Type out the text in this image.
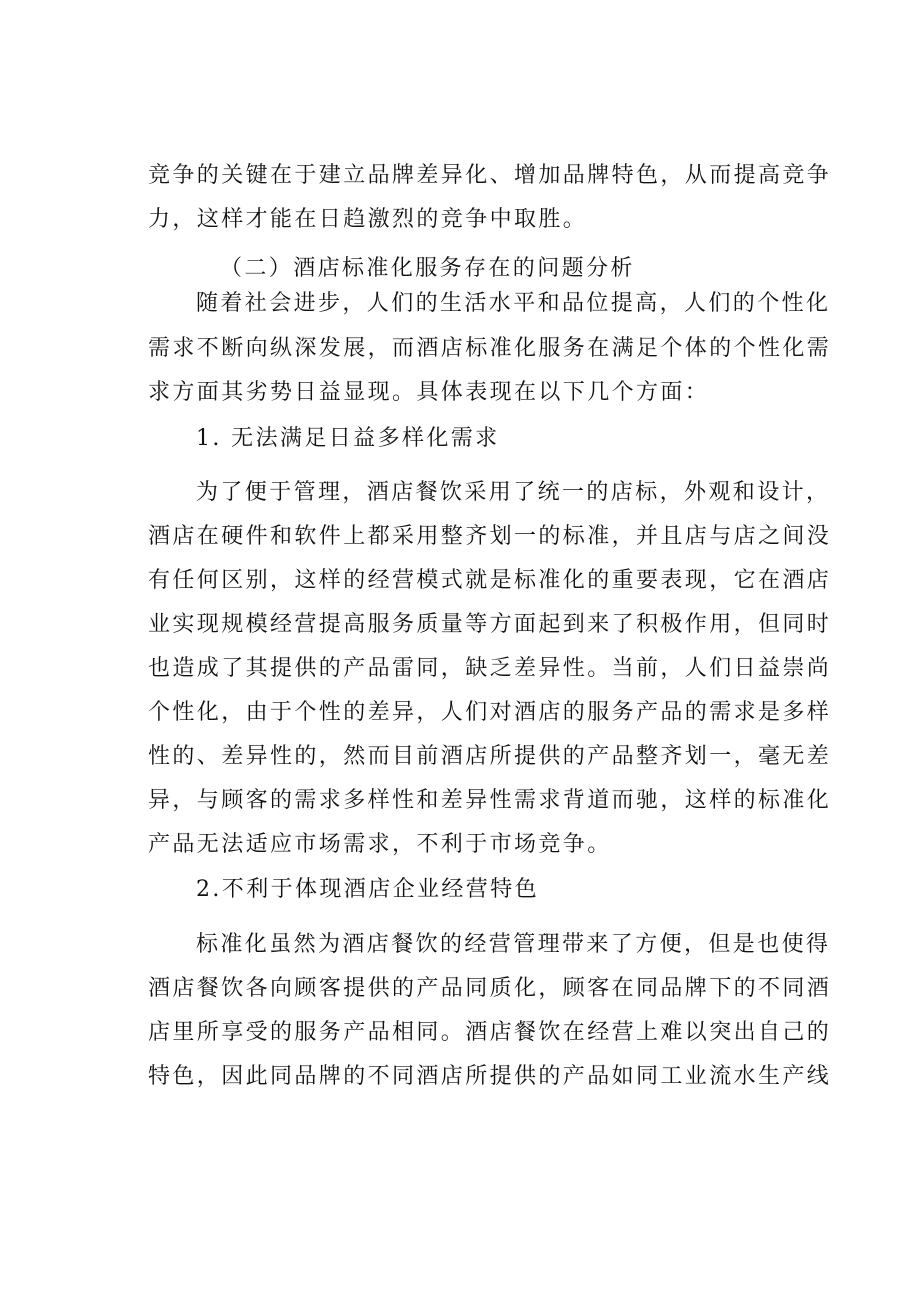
竞争的关键在于建立品牌差异化、增加品牌特色，从而提高竞争
力，这样才能在日趋激烈的竞争中取胜。
（二）酒店标准化服务存在的问题分析
随着社会进步，人们的生活水平和品位提高，人们的个性化
需求不断向纵深发展，而酒店标准化服务在满足个体的个性化需
求方面其劣势日益显现。具体表现在以下几个方面：
1. 无法满足日益多样化需求
为了便于管理，酒店餐饮采用了统一的店标，外观和设计，
酒店在硬件和软件上都采用整齐划一的标准，并且店与店之间没
有任何区别，这样的经营模式就是标准化的重要表现，它在酒店
业实现规模经营提高服务质量等方面起到来了积极作用，但同时
也造成了其提供的产品雷同，缺乏差异性。当前，人们日益崇尚
个性化，由于个性的差异，人们对酒店的服务产品的需求是多样
性的、差异性的，然而目前酒店所提供的产品整齐划一，毫无差
异，与顾客的需求多样性和差异性需求背道而驰，这样的标准化
产品无法适应市场需求，不利于市场竞争。
2.不利于体现酒店企业经营特色
标准化虽然为酒店餐饮的经营管理带来了方便，但是也使得
酒店餐饮各向顾客提供的产品同质化，顾客在同品牌下的不同酒
店里所享受的服务产品相同。酒店餐饮在经营上难以突出自己的
特色，因此同品牌的不同酒店所提供的产品如同工业流水生产线
